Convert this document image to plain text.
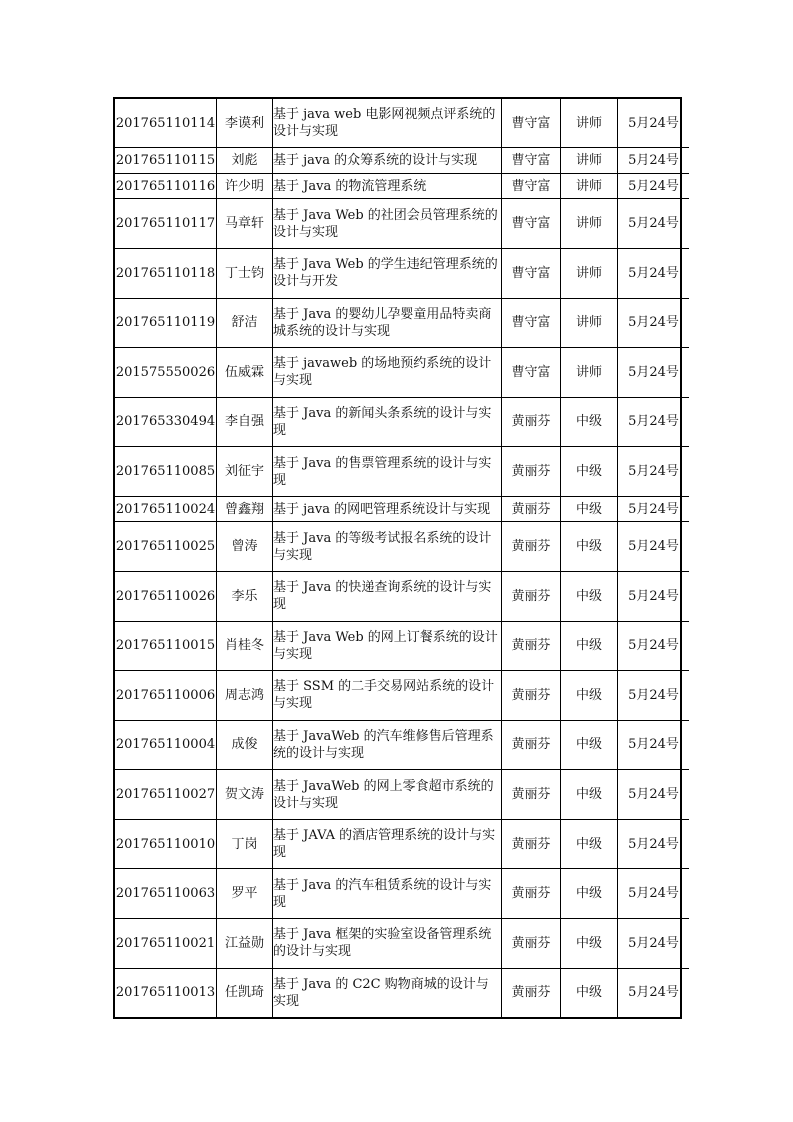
201765110114	李谟利	基于 java web 电影网视频点评系统的设计与实现	曹守富	讲师	5月24号
201765110115	刘彪	基于 java 的众筹系统的设计与实现	曹守富	讲师	5月24号
201765110116	许少明	基于 Java 的物流管理系统	曹守富	讲师	5月24号
201765110117	马章轩	基于 Java Web 的社团会员管理系统的设计与实现	曹守富	讲师	5月24号
201765110118	丁士钧	基于 Java Web 的学生违纪管理系统的设计与开发	曹守富	讲师	5月24号
201765110119	舒洁	基于 Java 的婴幼儿孕婴童用品特卖商城系统的设计与实现	曹守富	讲师	5月24号
201575550026	伍威霖	基于 javaweb 的场地预约系统的设计与实现	曹守富	讲师	5月24号
201765330494	李自强	基于 Java 的新闻头条系统的设计与实现	黄丽芬	中级	5月24号
201765110085	刘征宇	基于 Java 的售票管理系统的设计与实现	黄丽芬	中级	5月24号
201765110024	曾鑫翔	基于 java 的网吧管理系统设计与实现	黄丽芬	中级	5月24号
201765110025	曾涛	基于 Java 的等级考试报名系统的设计与实现	黄丽芬	中级	5月24号
201765110026	李乐	基于 Java 的快递查询系统的设计与实现	黄丽芬	中级	5月24号
201765110015	肖桂冬	基于 Java Web 的网上订餐系统的设计与实现	黄丽芬	中级	5月24号
201765110006	周志鸿	基于 SSM 的二手交易网站系统的设计与实现	黄丽芬	中级	5月24号
201765110004	成俊	基于 JavaWeb 的汽车维修售后管理系统的设计与实现	黄丽芬	中级	5月24号
201765110027	贺文涛	基于 JavaWeb 的网上零食超市系统的设计与实现	黄丽芬	中级	5月24号
201765110010	丁岗	基于 JAVA 的酒店管理系统的设计与实现	黄丽芬	中级	5月24号
201765110063	罗平	基于 Java 的汽车租赁系统的设计与实现	黄丽芬	中级	5月24号
201765110021	江益勋	基于 Java 框架的实验室设备管理系统的设计与实现	黄丽芬	中级	5月24号
201765110013	任凯琦	基于 Java 的 C2C 购物商城的设计与实现	黄丽芬	中级	5月24号
